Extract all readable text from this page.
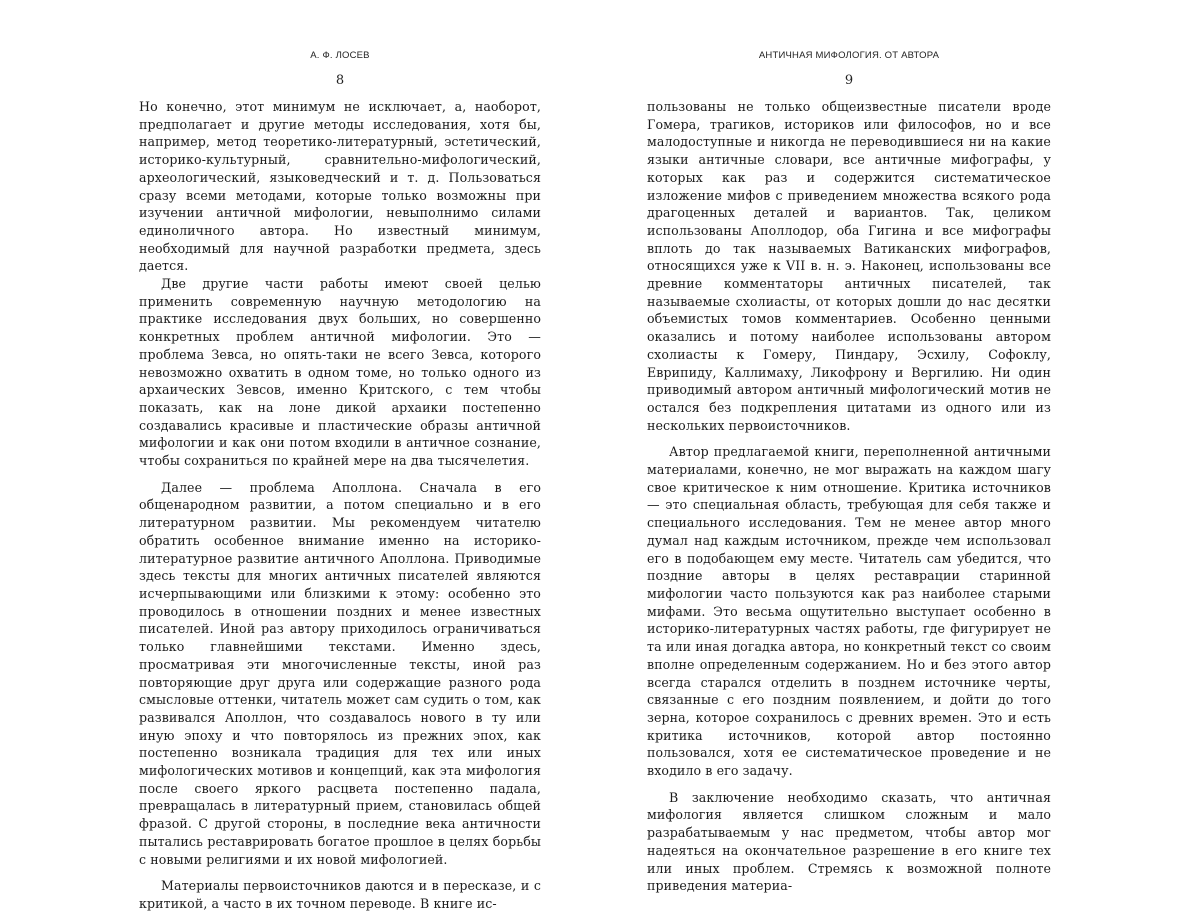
А. Ф. ЛОСЕВ
8

Но конечно, этот минимум не исключает, а, наоборот, предполагает и другие методы исследования, хотя бы, например, метод теоретико-литературный, эстетический, историко-культурный, сравнительно-мифологический, археологический, языковедческий и т. д. Пользоваться сразу всеми методами, которые только возможны при изучении античной мифологии, невыполнимо силами единоличного автора. Но известный минимум, необходимый для научной разработки предмета, здесь дается.

Две другие части работы имеют своей целью применить современную научную методологию на практике исследования двух больших, но совершенно конкретных проблем античной мифологии. Это — проблема Зевса, но опять-таки не всего Зевса, которого невозможно охватить в одном томе, но только одного из архаических Зевсов, именно Критского, с тем чтобы показать, как на лоне дикой архаики постепенно создавались красивые и пластические образы античной мифологии и как они потом входили в античное сознание, чтобы сохраниться по крайней мере на два тысячелетия.

Далее — проблема Аполлона. Сначала в его общенародном развитии, а потом специально и в его литературном развитии. Мы рекомендуем читателю обратить особенное внимание именно на историко-литературное развитие античного Аполлона. Приводимые здесь тексты для многих античных писателей являются исчерпывающими или близкими к этому: особенно это проводилось в отношении поздних и менее известных писателей. Иной раз автору приходилось ограничиваться только главнейшими текстами. Именно здесь, просматривая эти многочисленные тексты, иной раз повторяющие друг друга или содержащие разного рода смысловые оттенки, читатель может сам судить о том, как развивался Аполлон, что создавалось нового в ту или иную эпоху и что повторялось из прежних эпох, как постепенно возникала традиция для тех или иных мифологических мотивов и концепций, как эта мифология после своего яркого расцвета постепенно падала, превращалась в литературный прием, становилась общей фразой. С другой стороны, в последние века античности пытались реставрировать богатое прошлое в целях борьбы с новыми религиями и их новой мифологией.

Материалы первоисточников даются и в пересказе, и с критикой, а часто в их точном переводе. В книге ис-

АНТИЧНАЯ МИФОЛОГИЯ. ОТ АВТОРА
9

пользованы не только общеизвестные писатели вроде Гомера, трагиков, историков или философов, но и все малодоступные и никогда не переводившиеся ни на какие языки античные словари, все античные мифографы, у которых как раз и содержится систематическое изложение мифов с приведением множества всякого рода драгоценных деталей и вариантов. Так, целиком использованы Аполлодор, оба Гигина и все мифографы вплоть до так называемых Ватиканских мифографов, относящихся уже к VII в. н. э. Наконец, использованы все древние комментаторы античных писателей, так называемые схолиасты, от которых дошли до нас десятки объемистых томов комментариев. Особенно ценными оказались и потому наиболее использованы автором схолиасты к Гомеру, Пиндару, Эсхилу, Софоклу, Еврипиду, Каллимаху, Ликофрону и Вергилию. Ни один приводимый автором античный мифологический мотив не остался без подкрепления цитатами из одного или из нескольких первоисточников.

Автор предлагаемой книги, переполненной античными материалами, конечно, не мог выражать на каждом шагу свое критическое к ним отношение. Критика источников — это специальная область, требующая для себя также и специального исследования. Тем не менее автор много думал над каждым источником, прежде чем использовал его в подобающем ему месте. Читатель сам убедится, что поздние авторы в целях реставрации старинной мифологии часто пользуются как раз наиболее старыми мифами. Это весьма ощутительно выступает особенно в историко-литературных частях работы, где фигурирует не та или иная догадка автора, но конкретный текст со своим вполне определенным содержанием. Но и без этого автор всегда старался отделить в позднем источнике черты, связанные с его поздним появлением, и дойти до того зерна, которое сохранилось с древних времен. Это и есть критика источников, которой автор постоянно пользовался, хотя ее систематическое проведение и не входило в его задачу.

В заключение необходимо сказать, что античная мифология является слишком сложным и мало разрабатываемым у нас предметом, чтобы автор мог надеяться на окончательное разрешение в его книге тех или иных проблем. Стремясь к возможной полноте приведения материа-
